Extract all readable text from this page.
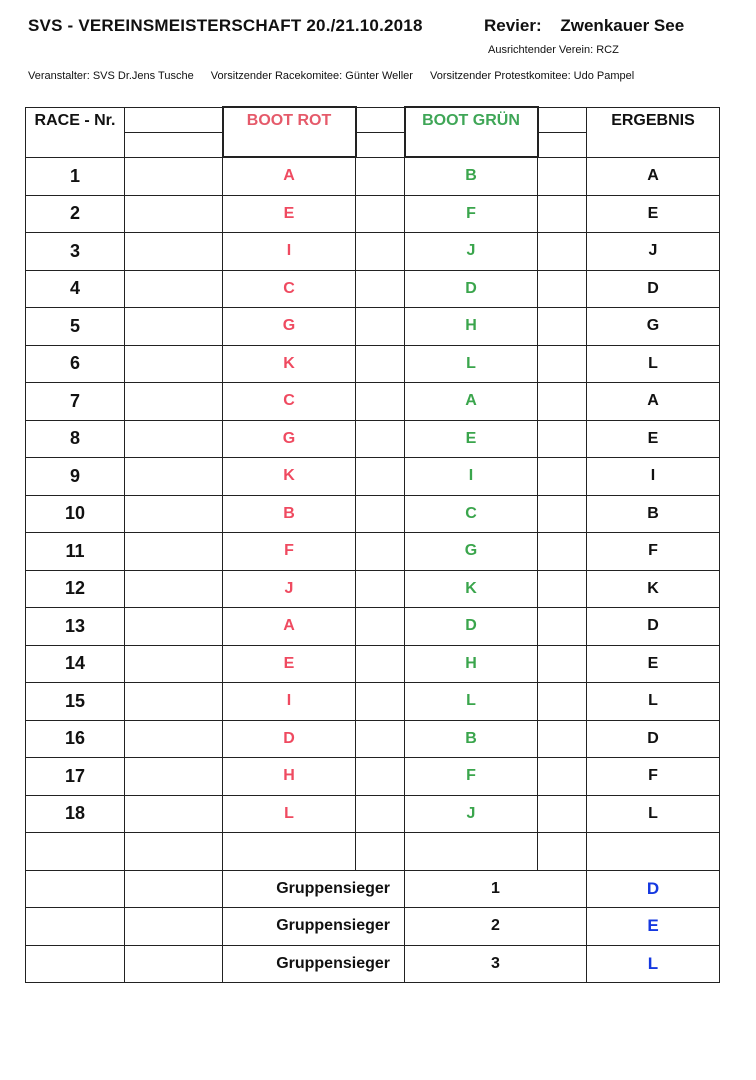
SVS - VEREINSMEISTERSCHAFT 20./21.10.2018	Revier: Zwenkauer See
Ausrichtender Verein: RCZ
Veranstalter: SVS Dr.Jens Tusche Vorsitzender Racekomitee: Günter Weller Vorsitzender Protestkomitee: Udo Pampel
RACE - Nr.		BOOT ROT		BOOT GRÜN		ERGEBNIS

1		A		B		A
2		E		F		E
3		I		J		J
4		C		D		D
5		G		H		G
6		K		L		L
7		C		A		A
8		G		E		E
9		K		I		I
10		B		C		B
11		F		G		F
12		J		K		K
13		A		D		D
14		E		H		E
15		I		L		L
16		D		B		D
17		H		F		F
18		L		J		L

		Gruppensieger		1		D
		Gruppensieger		2		E
		Gruppensieger		3		L
